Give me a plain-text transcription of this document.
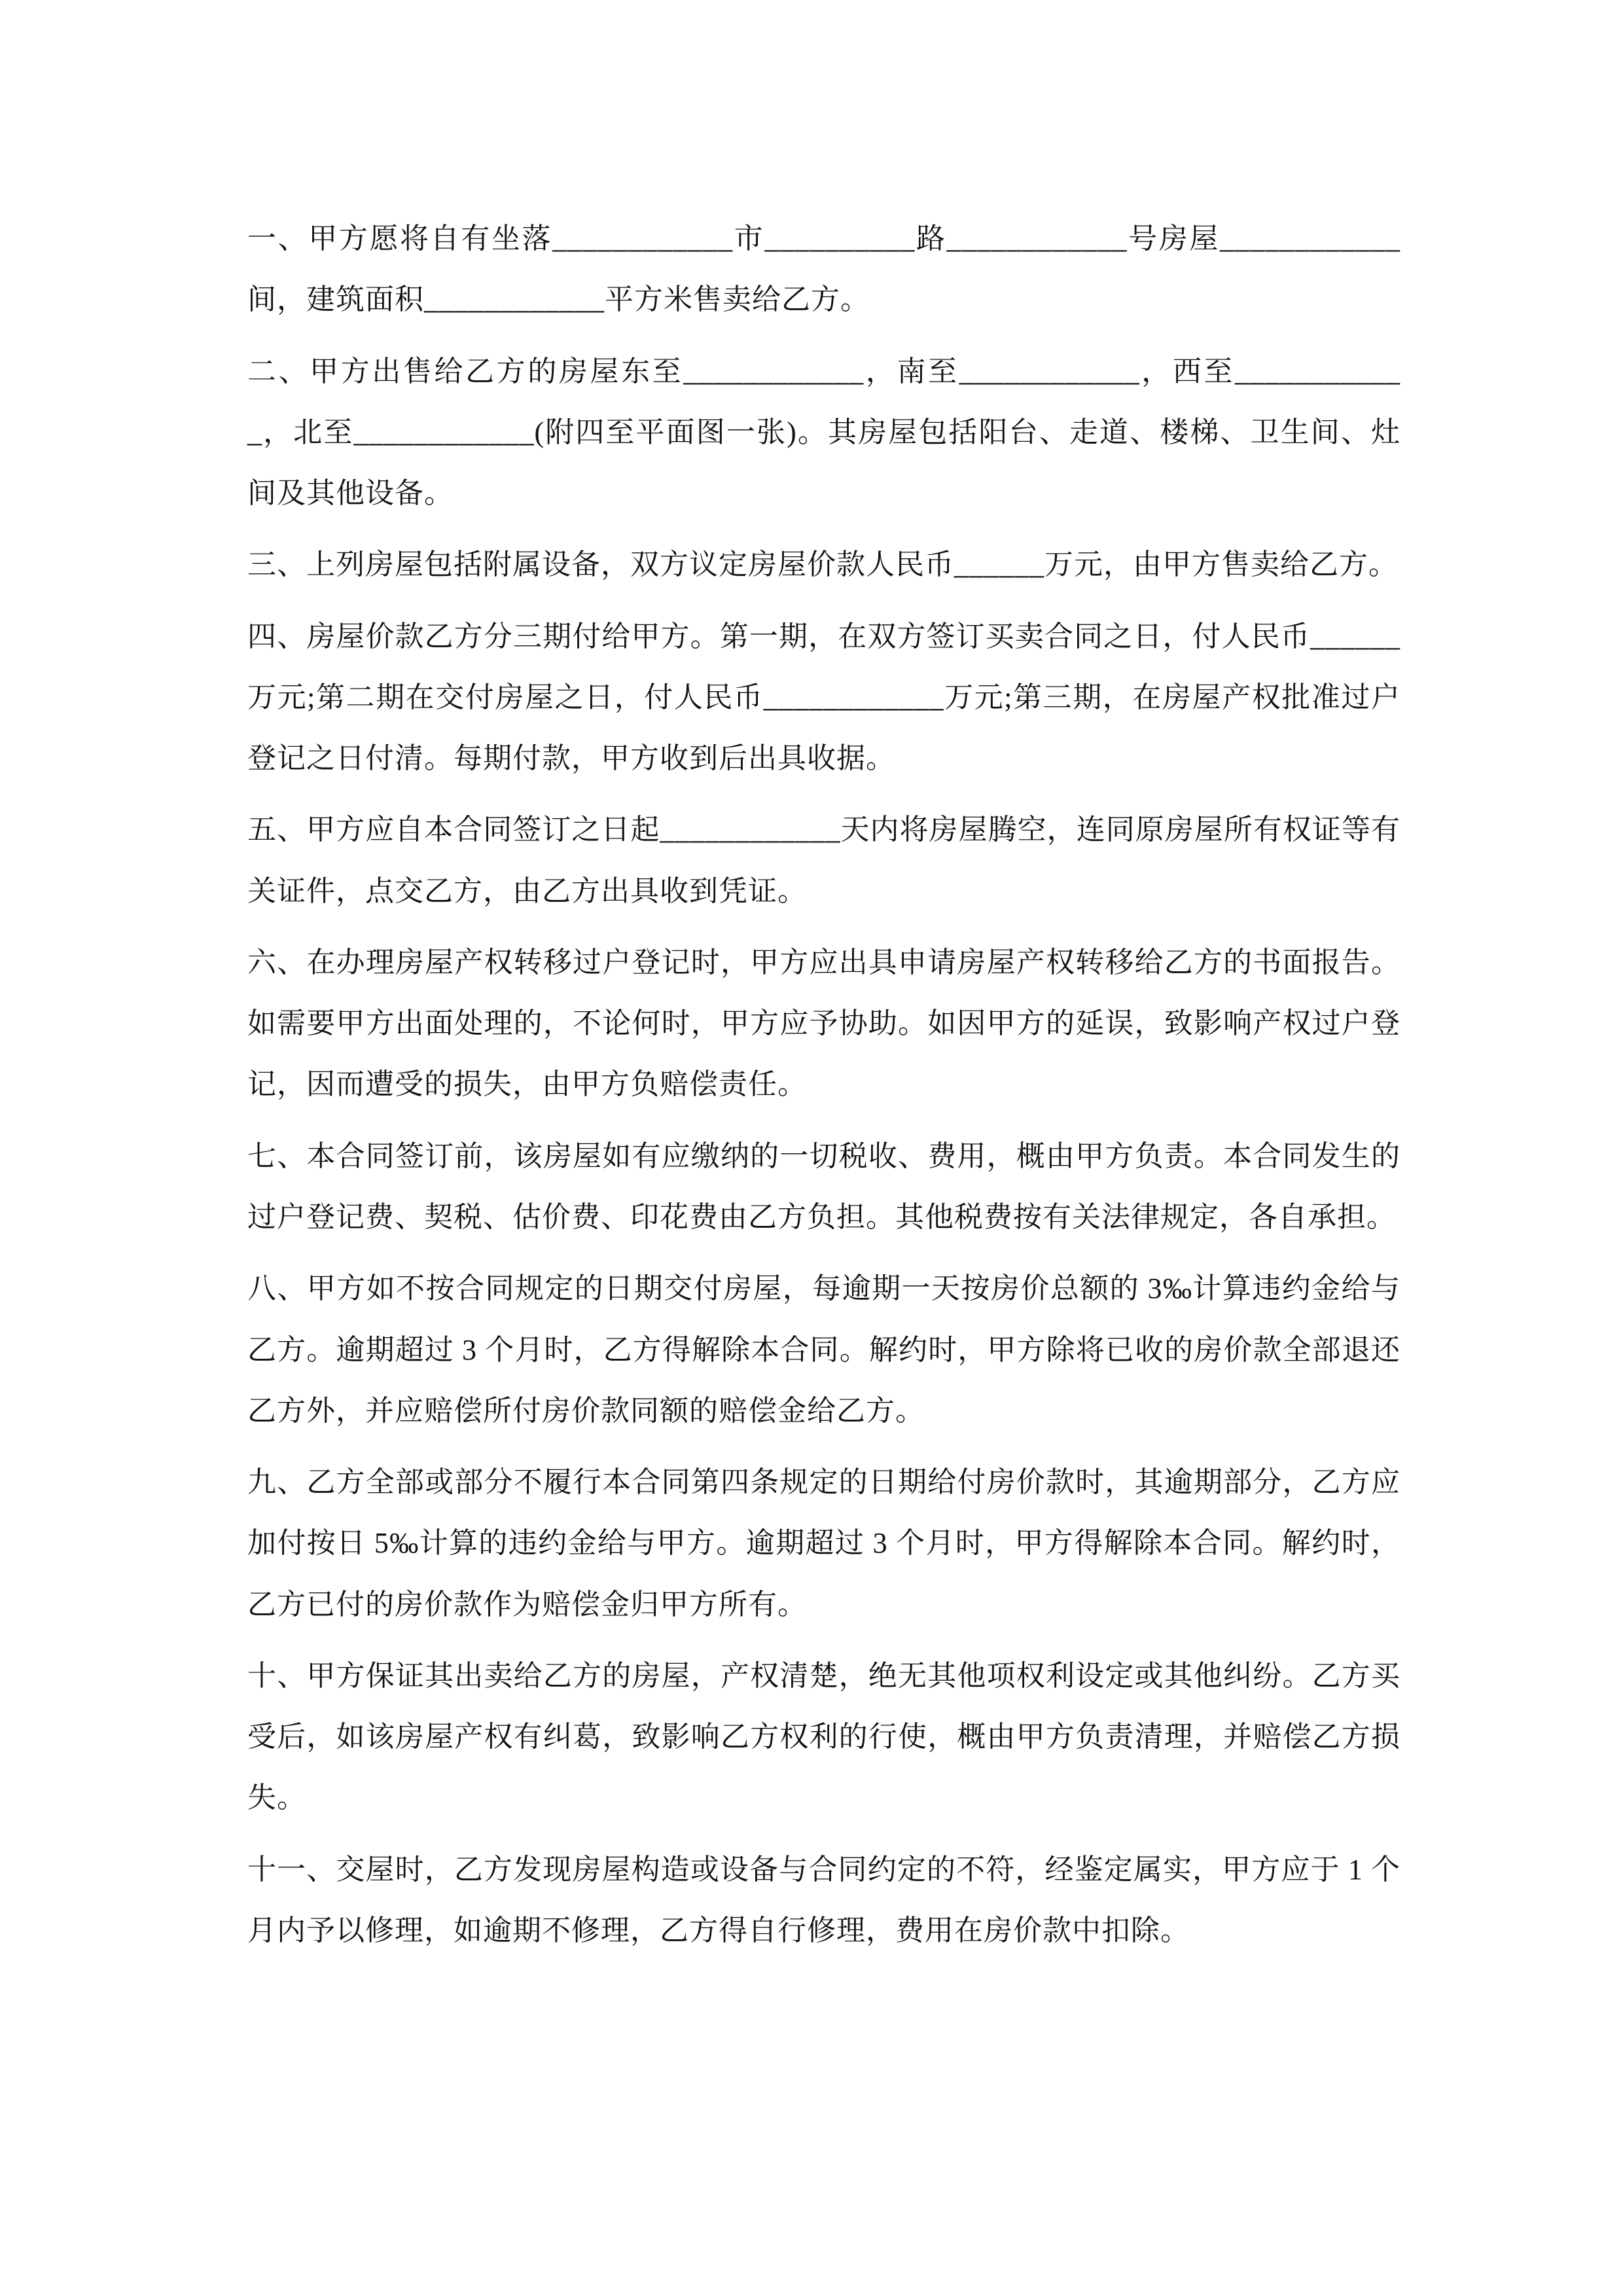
一、甲方愿将自有坐落____________市__________路____________号房屋____________间，建筑面积____________平方米售卖给乙方。

二、甲方出售给乙方的房屋东至____________，南至____________，西至____________，北至____________(附四至平面图一张)。其房屋包括阳台、走道、楼梯、卫生间、灶间及其他设备。

三、上列房屋包括附属设备，双方议定房屋价款人民币______万元，由甲方售卖给乙方。

四、房屋价款乙方分三期付给甲方。第一期，在双方签订买卖合同之日，付人民币______万元;第二期在交付房屋之日，付人民币____________万元;第三期，在房屋产权批准过户登记之日付清。每期付款，甲方收到后出具收据。

五、甲方应自本合同签订之日起____________天内将房屋腾空，连同原房屋所有权证等有关证件，点交乙方，由乙方出具收到凭证。

六、在办理房屋产权转移过户登记时，甲方应出具申请房屋产权转移给乙方的书面报告。如需要甲方出面处理的，不论何时，甲方应予协助。如因甲方的延误，致影响产权过户登记，因而遭受的损失，由甲方负赔偿责任。

七、本合同签订前，该房屋如有应缴纳的一切税收、费用，概由甲方负责。本合同发生的过户登记费、契税、估价费、印花费由乙方负担。其他税费按有关法律规定，各自承担。

八、甲方如不按合同规定的日期交付房屋，每逾期一天按房价总额的 3‰计算违约金给与乙方。逾期超过 3 个月时，乙方得解除本合同。解约时，甲方除将已收的房价款全部退还乙方外，并应赔偿所付房价款同额的赔偿金给乙方。

九、乙方全部或部分不履行本合同第四条规定的日期给付房价款时，其逾期部分，乙方应加付按日 5‰计算的违约金给与甲方。逾期超过 3 个月时，甲方得解除本合同。解约时，乙方已付的房价款作为赔偿金归甲方所有。

十、甲方保证其出卖给乙方的房屋，产权清楚，绝无其他项权利设定或其他纠纷。乙方买受后，如该房屋产权有纠葛，致影响乙方权利的行使，概由甲方负责清理，并赔偿乙方损失。

十一、交屋时，乙方发现房屋构造或设备与合同约定的不符，经鉴定属实，甲方应于 1 个月内予以修理，如逾期不修理，乙方得自行修理，费用在房价款中扣除。
